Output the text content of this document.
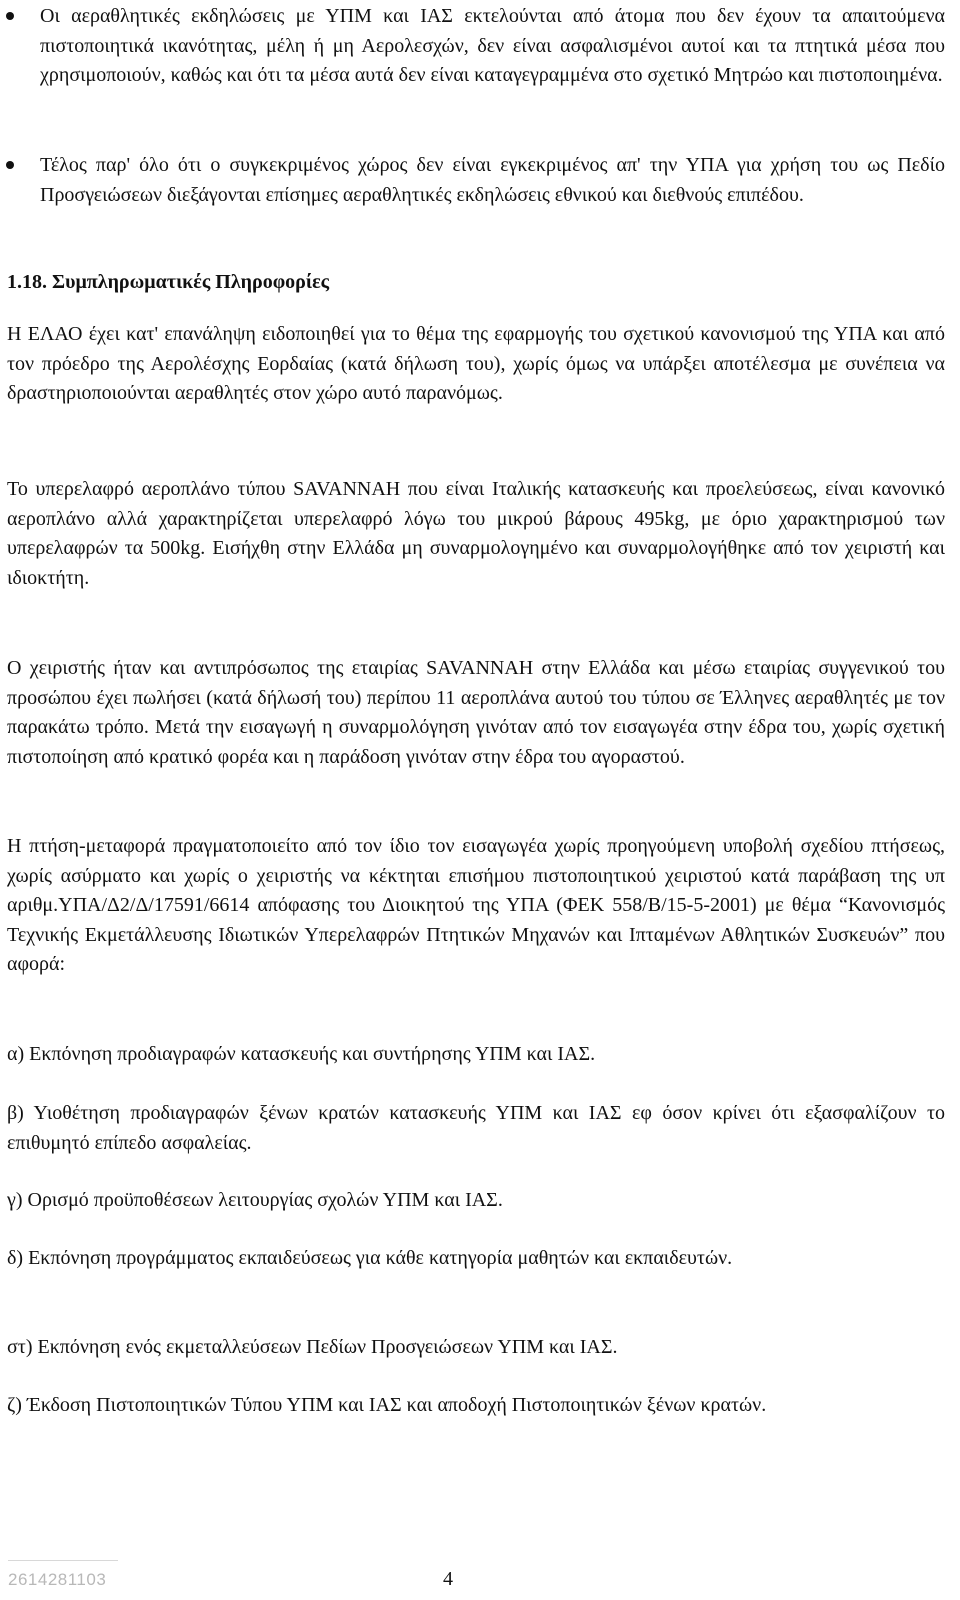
Οι αεραθλητικές εκδηλώσεις με ΥΠΜ και ΙΑΣ εκτελούνται από άτομα που δεν έχουν τα απαιτούμενα πιστοποιητικά ικανότητας, μέλη ή μη Αερολεσχών, δεν είναι ασφαλισμένοι αυτοί και τα πτητικά μέσα που χρησιμοποιούν, καθώς και ότι τα μέσα αυτά δεν είναι καταγεγραμμένα στο σχετικό Μητρώο και πιστοποιημένα.

Τέλος παρ' όλο ότι ο συγκεκριμένος χώρος δεν είναι εγκεκριμένος απ' την ΥΠΑ για χρήση του ως Πεδίο Προσγειώσεων διεξάγονται επίσημες αεραθλητικές εκδηλώσεις εθνικού και διεθνούς επιπέδου.

1.18. Συμπληρωματικές Πληροφορίες

Η ΕΛΑΟ έχει κατ' επανάληψη ειδοποιηθεί για το θέμα της εφαρμογής του σχετικού κανονισμού της ΥΠΑ και από τον πρόεδρο της Αερολέσχης Εορδαίας (κατά δήλωση του), χωρίς όμως να υπάρξει αποτέλεσμα με συνέπεια να δραστηριοποιούνται αεραθλητές στον χώρο αυτό παρανόμως.

Το υπερελαφρό αεροπλάνο τύπου SAVANNAH που είναι Ιταλικής κατασκευής και προελεύσεως, είναι κανονικό αεροπλάνο αλλά χαρακτηρίζεται υπερελαφρό λόγω του μικρού βάρους 495kg, με όριο χαρακτηρισμού των υπερελαφρών τα 500kg. Εισήχθη στην Ελλάδα μη συναρμολογημένο και συναρμολογήθηκε από τον χειριστή και ιδιοκτήτη.

Ο χειριστής ήταν και αντιπρόσωπος της εταιρίας SAVANNAH στην Ελλάδα και μέσω εταιρίας συγγενικού του προσώπου έχει πωλήσει (κατά δήλωσή του) περίπου 11 αεροπλάνα αυτού του τύπου σε Έλληνες αεραθλητές με τον παρακάτω τρόπο. Μετά την εισαγωγή η συναρμολόγηση γινόταν από τον εισαγωγέα στην έδρα του, χωρίς σχετική πιστοποίηση από κρατικό φορέα και η παράδοση γινόταν στην έδρα του αγοραστού.

Η πτήση-μεταφορά πραγματοποιείτο από τον ίδιο τον εισαγωγέα χωρίς προηγούμενη υποβολή σχεδίου πτήσεως, χωρίς ασύρματο και χωρίς ο χειριστής να κέκτηται επισήμου πιστοποιητικού χειριστού κατά παράβαση της υπ αριθμ.ΥΠΑ/Δ2/Δ/17591/6614 απόφασης του Διοικητού της ΥΠΑ (ΦΕΚ 558/Β/15-5-2001) με θέμα “Κανονισμός Τεχνικής Εκμετάλλευσης Ιδιωτικών Υπερελαφρών Πτητικών Μηχανών και Ιπταμένων Αθλητικών Συσκευών” που αφορά:

α) Εκπόνηση προδιαγραφών κατασκευής και συντήρησης ΥΠΜ και ΙΑΣ.

β) Υιοθέτηση προδιαγραφών ξένων κρατών κατασκευής ΥΠΜ και ΙΑΣ εφ όσον κρίνει ότι εξασφαλίζουν το επιθυμητό επίπεδο ασφαλείας.

γ) Ορισμό προϋποθέσεων λειτουργίας σχολών ΥΠΜ και ΙΑΣ.

δ) Εκπόνηση προγράμματος εκπαιδεύσεως για κάθε κατηγορία μαθητών και εκπαιδευτών.

στ) Εκπόνηση ενός εκμεταλλεύσεων Πεδίων Προσγειώσεων ΥΠΜ και ΙΑΣ.

ζ) Έκδοση Πιστοποιητικών Τύπου ΥΠΜ και ΙΑΣ και αποδοχή Πιστοποιητικών ξένων κρατών.

2614281103	4
